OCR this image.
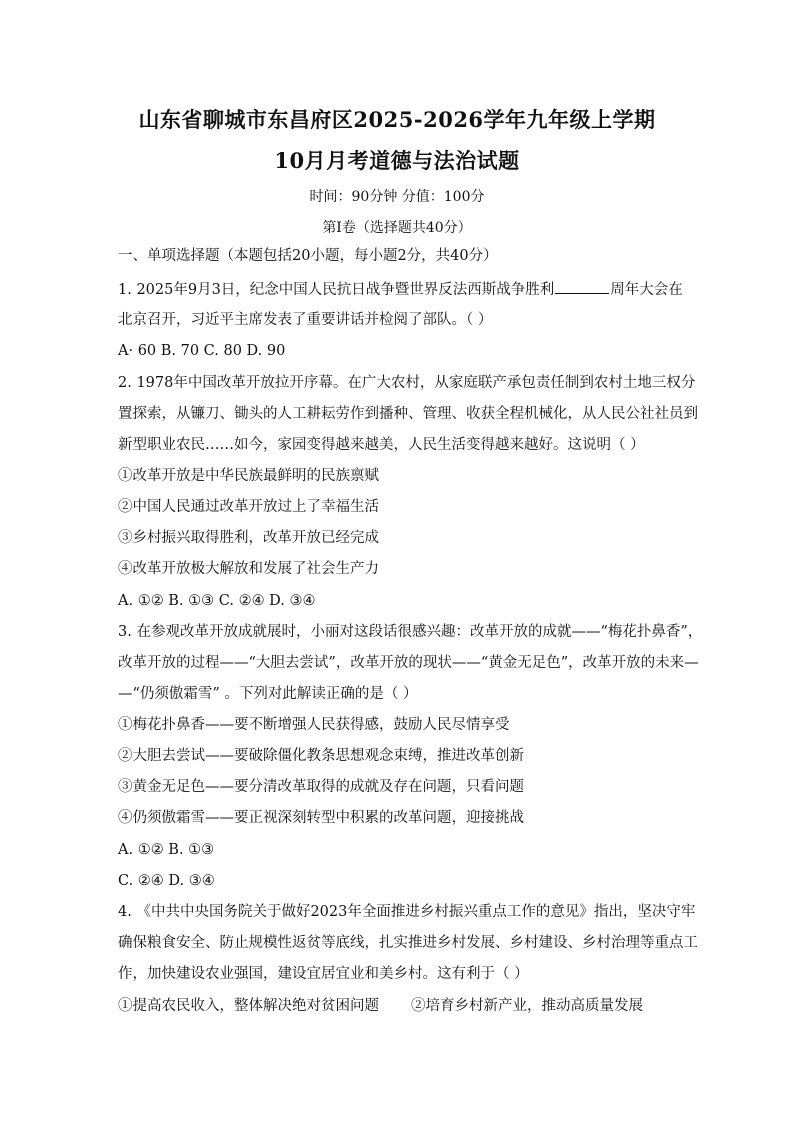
山东省聊城市东昌府区2025-2026学年九年级上学期
10月月考道德与法治试题
时间：90分钟 分值：100分
第Ⅰ卷（选择题共40分）
一、单项选择题（本题包括20小题，每小题2分，共40分）
1. 2025年9月3日，纪念中国人民抗日战争暨世界反法西斯战争胜利	周年大会在
北京召开，习近平主席发表了重要讲话并检阅了部队。（ ）
A· 60 B. 70 C. 80 D. 90
2. 1978年中国改革开放拉开序幕。在广大农村，从家庭联产承包责任制到农村土地三权分
置探索，从镰刀、锄头的人工耕耘劳作到播种、管理、收获全程机械化，从人民公社社员到
新型职业农民……如今，家园变得越来越美，人民生活变得越来越好。这说明（ ）
①改革开放是中华民族最鲜明的民族禀赋
②中国人民通过改革开放过上了幸福生活
③乡村振兴取得胜利，改革开放已经完成
④改革开放极大解放和发展了社会生产力
A. ①② B. ①③ C. ②④ D. ③④
3. 在参观改革开放成就展时，小丽对这段话很感兴趣：改革开放的成就——“梅花扑鼻香”，
改革开放的过程——“大胆去尝试”，改革开放的现状——“黄金无足色”，改革开放的未来—
—“仍须傲霜雪” 。下列对此解读正确的是（ ）
①梅花扑鼻香——要不断增强人民获得感，鼓励人民尽情享受
②大胆去尝试——要破除僵化教条思想观念束缚，推进改革创新
③黄金无足色——要分清改革取得的成就及存在问题，只看问题
④仍须傲霜雪——要正视深刻转型中积累的改革问题，迎接挑战
A. ①② B. ①③
C. ②④ D. ③④
4. 《中共中央国务院关于做好2023年全面推进乡村振兴重点工作的意见》指出，坚决守牢
确保粮食安全、防止规模性返贫等底线，扎实推进乡村发展、乡村建设、乡村治理等重点工
作，加快建设农业强国，建设宜居宜业和美乡村。这有利于（ ）
①提高农民收入，整体解决绝对贫困问题 ②培育乡村新产业，推动高质量发展
